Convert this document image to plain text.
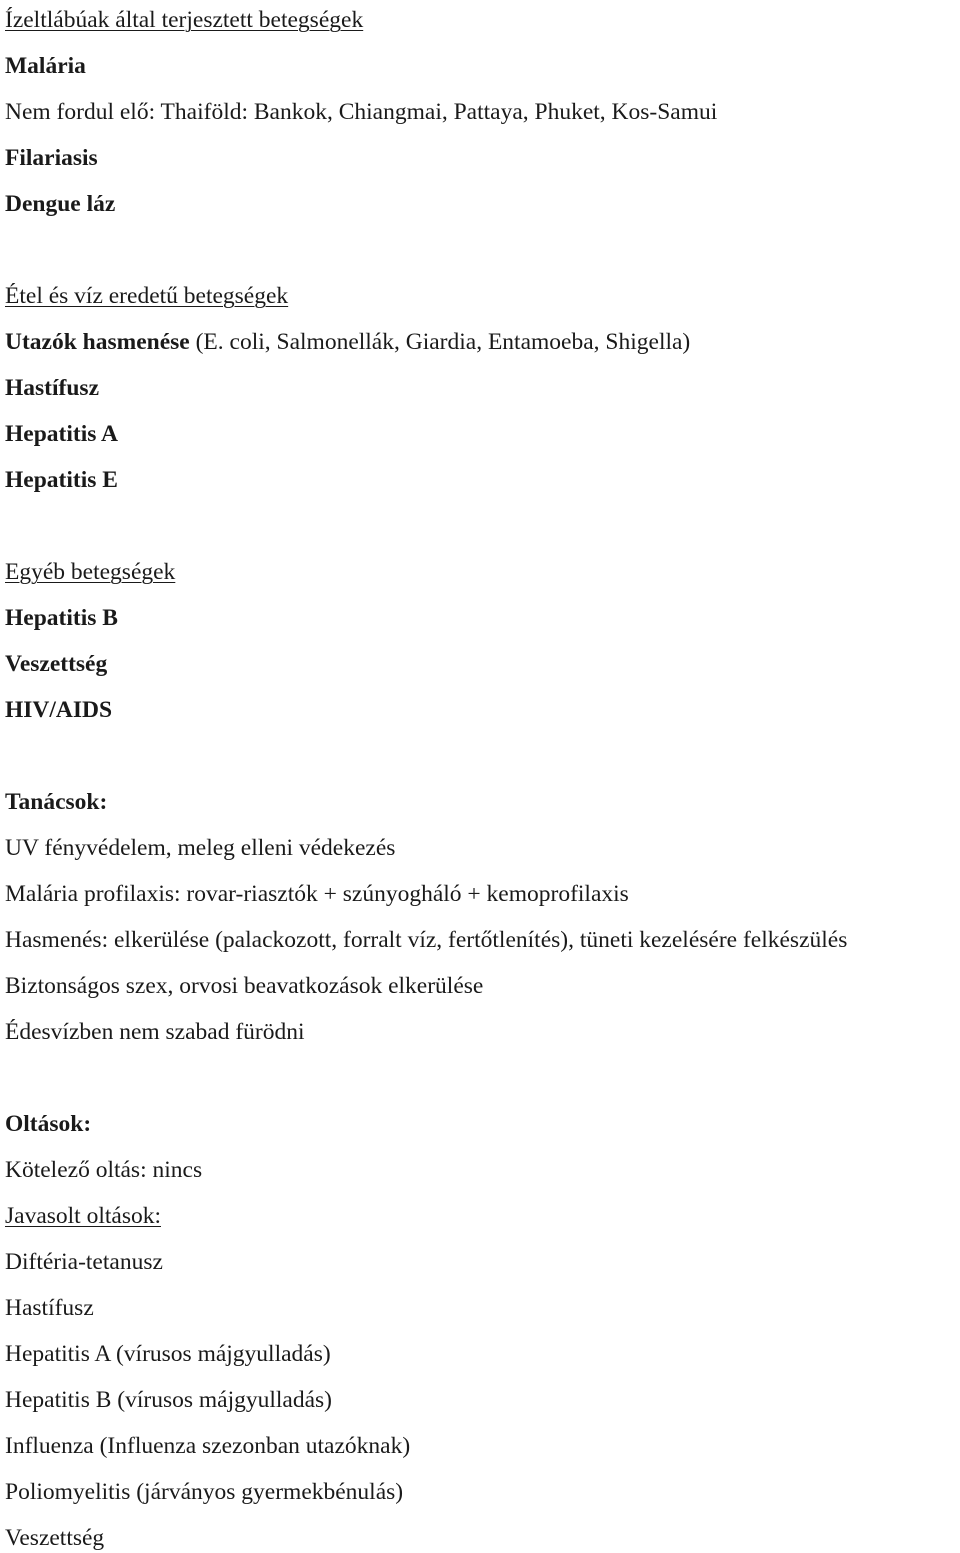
Ízeltlábúak által terjesztett betegségek
Malária
Nem fordul elő: Thaiföld: Bankok, Chiangmai, Pattaya, Phuket, Kos-Samui
Filariasis
Dengue láz
Étel és víz eredetű betegségek
Utazók hasmenése (E. coli, Salmonellák, Giardia, Entamoeba, Shigella)
Hastífusz
Hepatitis A
Hepatitis E
Egyéb betegségek
Hepatitis B
Veszettség
HIV/AIDS
Tanácsok:
UV fényvédelem, meleg elleni védekezés
Malária profilaxis: rovar-riasztók + szúnyogháló + kemoprofilaxis
Hasmenés: elkerülése (palackozott, forralt víz, fertőtlenítés), tüneti kezelésére felkészülés
Biztonságos szex, orvosi beavatkozások elkerülése
Édesvízben nem szabad fürödni
Oltások:
Kötelező oltás: nincs
Javasolt oltások:
Diftéria-tetanusz
Hastífusz
Hepatitis A (vírusos májgyulladás)
Hepatitis B (vírusos májgyulladás)
Influenza (Influenza szezonban utazóknak)
Poliomyelitis (járványos gyermekbénulás)
Veszettség
